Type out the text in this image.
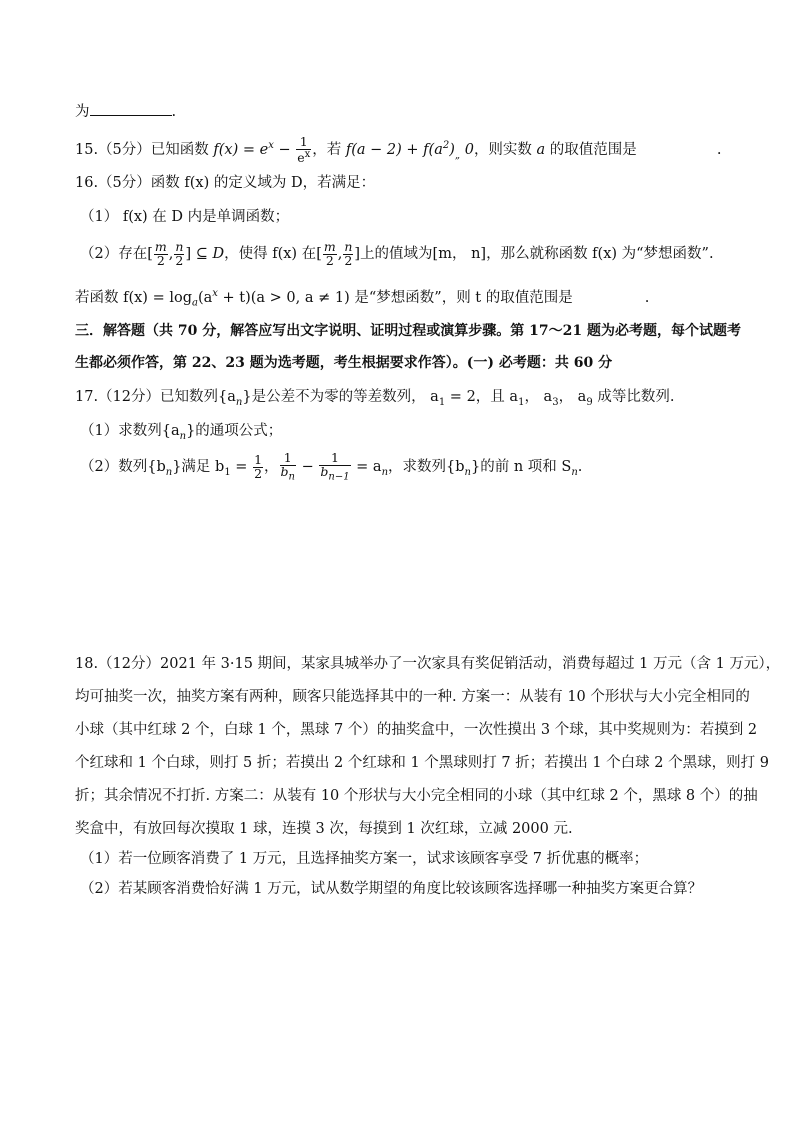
为	.
15.（5分）已知函数 $f(x) = e^x - \frac{1}{e^x}$ ，若 $f(a - 2) + f(a^2)_„$ 0，则实数 a 的取值范围是	.
16.（5分）函数 f(x) 的定义域为 D，若满足：
（1） f(x) 在 D 内是单调函数；
（2）存在[ $\frac{m}{2}$ , $\frac{n}{2}$ ] ⊆ D，使得 f(x) 在[ $\frac{m}{2}$ , $\frac{n}{2}$ ]上的值域为[m， n]，那么就称函数 f(x) 为“梦想函数”.
若函数 $f(x) = \log_a(a^x + t)(a > 0$, a ≠ 1) 是“梦想函数”，则 t 的取值范围是	.
三．解答题（共 70 分，解答应写出文字说明、证明过程或演算步骤。第 17～21 题为必考题，每个试题考
生都必须作答，第 22、23 题为选考题，考生根据要求作答）。(一) 必考题：共 60 分
17.（12分）已知数列$\{a_n\}$是公差不为零的等差数列， $a_1 = 2$，且 $a_1$， $a_3$， $a_9$ 成等比数列.
（1）求数列$\{a_n\}$的通项公式；
（2）数列$\{b_n\}$满足 $b_1 = \frac{1}{2}$ ， $\frac{1}{b_n} - \frac{1}{b_{n-1}} = a_n$，求数列$\{b_n\}$的前 n 项和 $S_n$.
18.（12分）2021 年 3·15 期间，某家具城举办了一次家具有奖促销活动，消费每超过 1 万元（含 1 万元），
均可抽奖一次，抽奖方案有两种，顾客只能选择其中的一种. 方案一：从装有 10 个形状与大小完全相同的
小球（其中红球 2 个，白球 1 个，黑球 7 个）的抽奖盒中，一次性摸出 3 个球，其中奖规则为：若摸到 2
个红球和 1 个白球，则打 5 折；若摸出 2 个红球和 1 个黑球则打 7 折；若摸出 1 个白球 2 个黑球，则打 9
折；其余情况不打折. 方案二：从装有 10 个形状与大小完全相同的小球（其中红球 2 个，黑球 8 个）的抽
奖盒中，有放回每次摸取 1 球，连摸 3 次，每摸到 1 次红球，立减 2000 元.
（1）若一位顾客消费了 1 万元，且选择抽奖方案一，试求该顾客享受 7 折优惠的概率；
（2）若某顾客消费恰好满 1 万元，试从数学期望的角度比较该顾客选择哪一种抽奖方案更合算？
